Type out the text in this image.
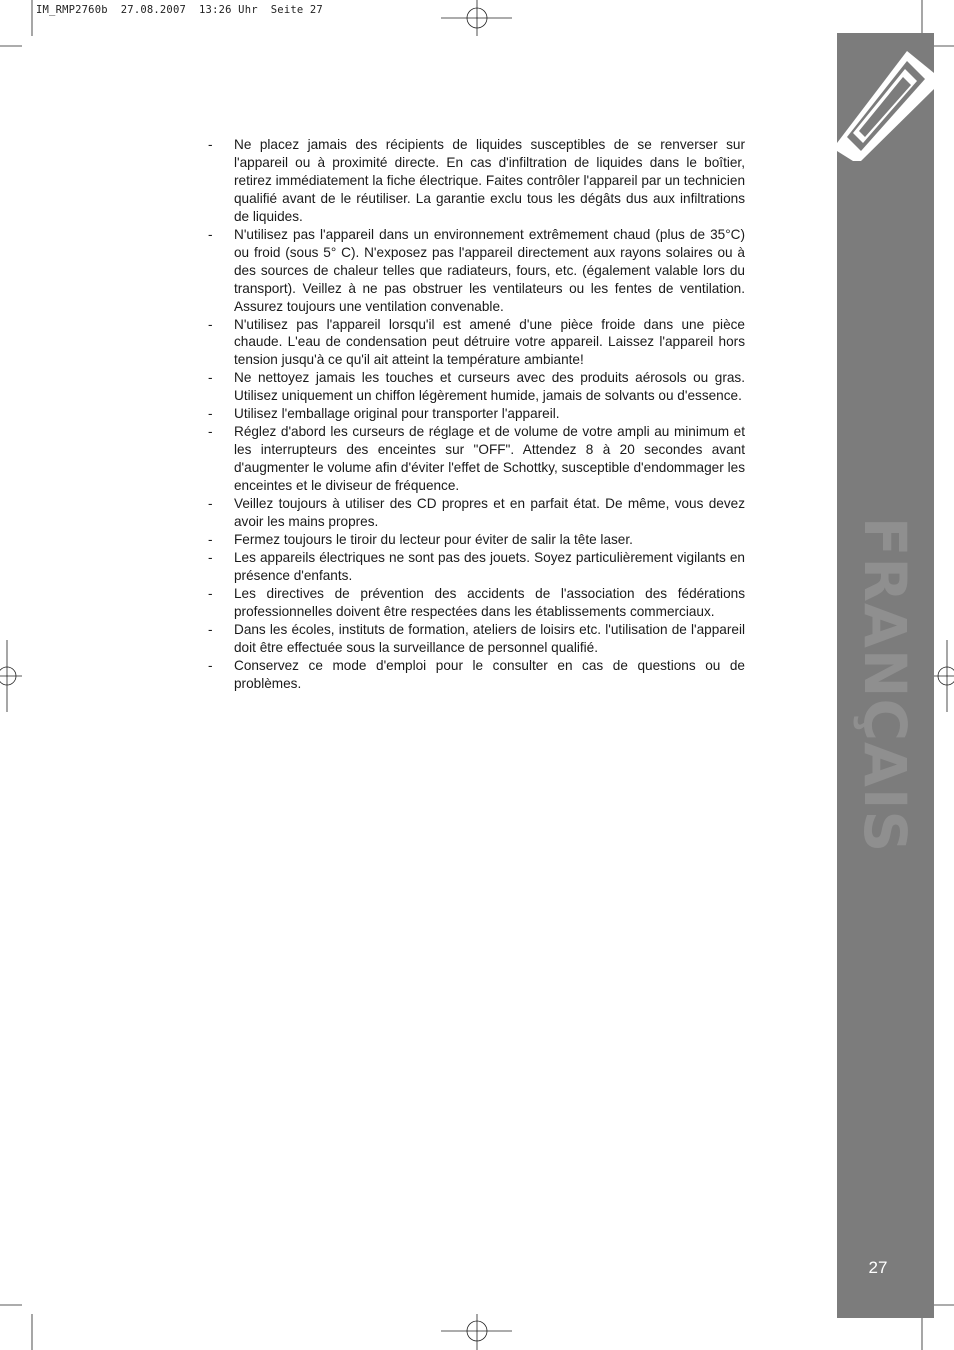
IM_RMP2760b  27.08.2007  13:26 Uhr  Seite 27
FRANÇAIS
27
- Ne placez jamais des récipients de liquides susceptibles de se renverser sur l'appareil ou à proximité directe. En cas d'infiltration de liquides dans le boîtier, retirez immédiatement la fiche électrique. Faites contrôler l'appareil par un technicien qualifié avant de le réutiliser. La garantie exclu tous les dégâts dus aux infiltrations de liquides.
- N'utilisez pas l'appareil dans un environnement extrêmement chaud (plus de 35°C) ou froid (sous 5° C). N'exposez pas l'appareil directement aux rayons solaires ou à des sources de chaleur telles que radiateurs, fours, etc. (également valable lors du transport). Veillez à ne pas obstruer les ventilateurs ou les fentes de ventilation. Assurez toujours une ventilation convenable.
- N'utilisez pas l'appareil lorsqu'il est amené d'une pièce froide dans une pièce chaude. L'eau de condensation peut détruire votre appareil. Laissez l'appareil hors tension jusqu'à ce qu'il ait atteint la température ambiante!
- Ne nettoyez jamais les touches et curseurs avec des produits aérosols ou gras. Utilisez uniquement un chiffon légèrement humide, jamais de solvants ou d'essence.
- Utilisez l'emballage original pour transporter l'appareil.
- Réglez d'abord les curseurs de réglage et de volume de votre ampli au minimum et les interrupteurs des enceintes sur "OFF". Attendez 8 à 20 secondes avant d'augmenter le volume afin d'éviter l'effet de Schottky, susceptible d'endommager les enceintes et le diviseur de fréquence.
- Veillez toujours à utiliser des CD propres et en parfait état. De même, vous devez avoir les mains propres.
- Fermez toujours le tiroir du lecteur pour éviter de salir la tête laser.
- Les appareils électriques ne sont pas des jouets. Soyez particulièrement vigilants en présence d'enfants.
- Les directives de prévention des accidents de l'association des fédérations professionnelles doivent être respectées dans les établissements commerciaux.
- Dans les écoles, instituts de formation, ateliers de loisirs etc. l'utilisation de l'appareil doit être effectuée sous la surveillance de personnel qualifié.
- Conservez ce mode d'emploi pour le consulter en cas de questions ou de problèmes.
